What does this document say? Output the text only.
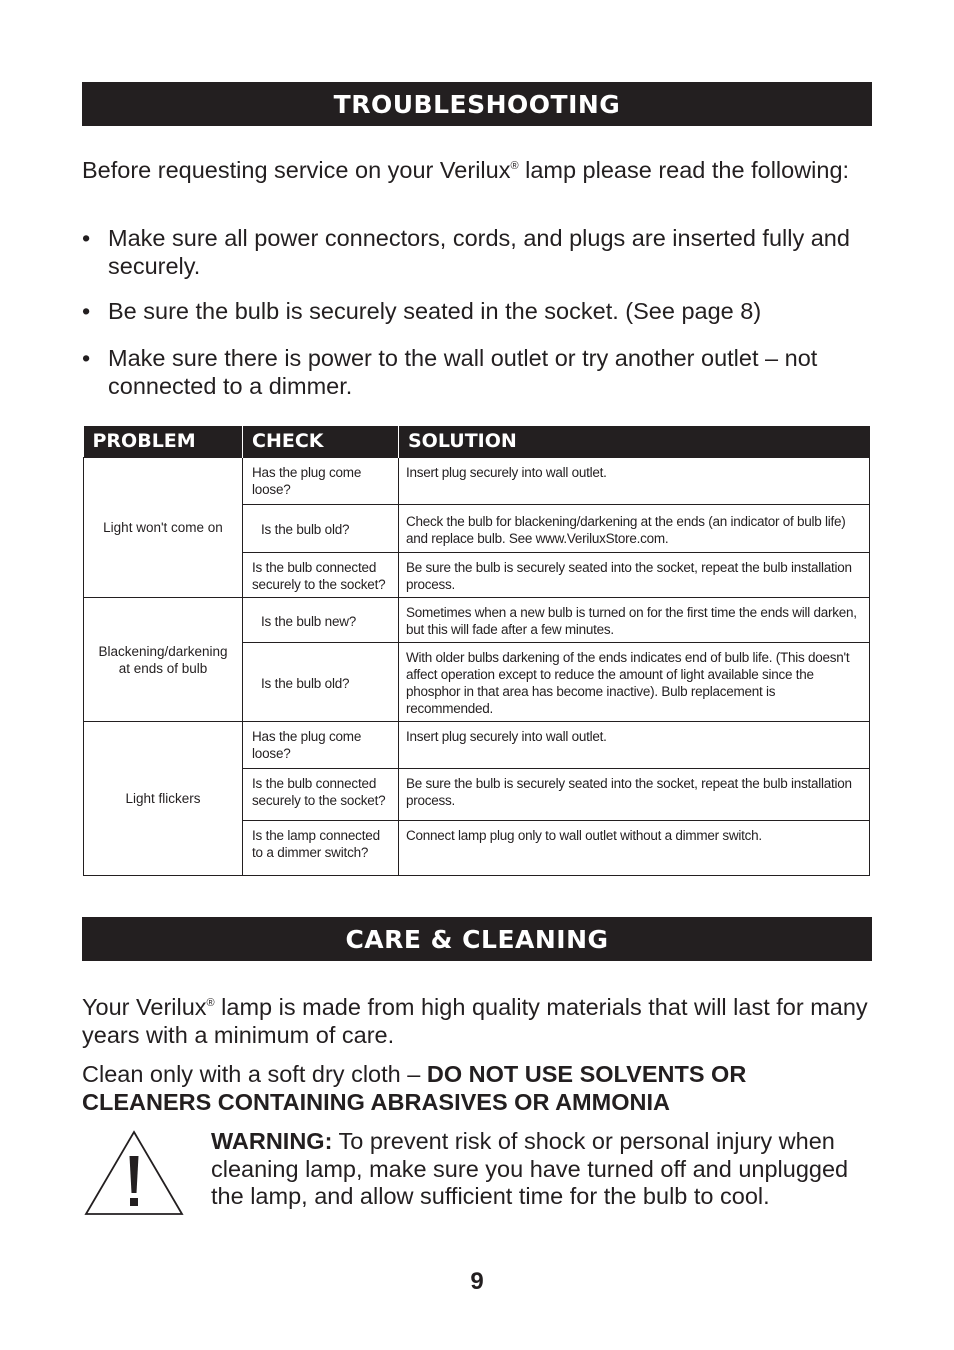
TROUBLESHOOTING

Before requesting service on your Verilux® lamp please read the following:

• Make sure all power connectors, cords, and plugs are inserted fully and securely.
• Be sure the bulb is securely seated in the socket. (See page 8)
• Make sure there is power to the wall outlet or try another outlet – not connected to a dimmer.
PROBLEM	CHECK	SOLUTION
Light won't come on	Has the plug come loose?	Insert plug securely into wall outlet.
	Is the bulb old?	Check the bulb for blackening/darkening at the ends (an indicator of bulb life) and replace bulb. See www.VeriluxStore.com.
	Is the bulb connected securely to the socket?	Be sure the bulb is securely seated into the socket, repeat the bulb installation process.
Blackening/darkening at ends of bulb	Is the bulb new?	Sometimes when a new bulb is turned on for the first time the ends will darken, but this will fade after a few minutes.
	Is the bulb old?	With older bulbs darkening of the ends indicates end of bulb life. (This doesn't affect operation except to reduce the amount of light available since the phosphor in that area has become inactive). Bulb replacement is recommended.
Light flickers	Has the plug come loose?	Insert plug securely into wall outlet.
	Is the bulb connected securely to the socket?	Be sure the bulb is securely seated into the socket, repeat the bulb installation process.
	Is the lamp connected to a dimmer switch?	Connect lamp plug only to wall outlet without a dimmer switch.
CARE & CLEANING

Your Verilux® lamp is made from high quality materials that will last for many years with a minimum of care.

Clean only with a soft dry cloth – DO NOT USE SOLVENTS OR CLEANERS CONTAINING ABRASIVES OR AMMONIA

WARNING: To prevent risk of shock or personal injury when cleaning lamp, make sure you have turned off and unplugged the lamp, and allow sufficient time for the bulb to cool.

9
